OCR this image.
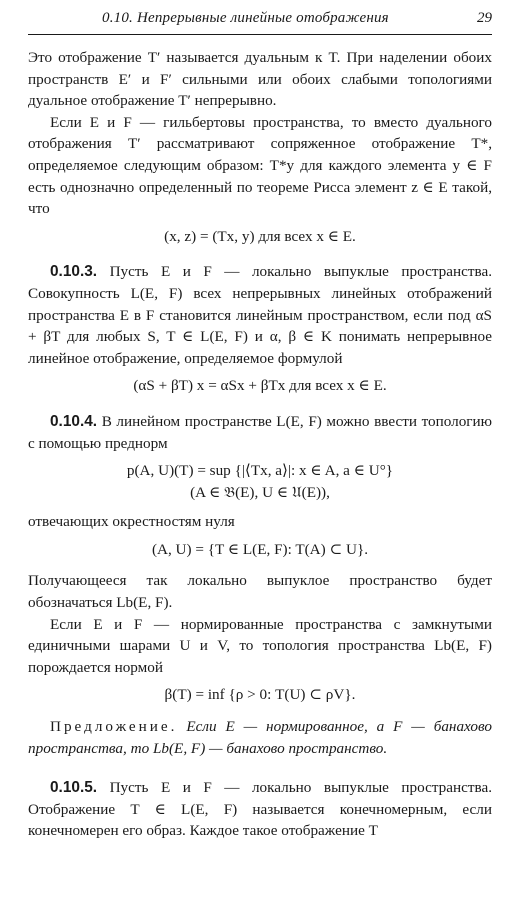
0.10. Непрерывные линейные отображения	29

Это отображение T′ называется дуальным к T. При наделении обоих пространств E′ и F′ сильными или обоих слабыми топологиями дуальное отображение T′ непрерывно.

Если E и F — гильбертовы пространства, то вместо дуального отображения T′ рассматривают сопряженное отображение T*, определяемое следующим образом: T*y для каждого элемента y ∈ F есть однозначно определенный по теореме Рисса элемент z ∈ E такой, что

(x, z) = (Tx, y) для всех x ∈ E.

0.10.3. Пусть E и F — локально выпуклые пространства. Совокупность L(E, F) всех непрерывных линейных отображений пространства E в F становится линейным пространством, если под αS + βT для любых S, T ∈ L(E, F) и α, β ∈ K понимать непрерывное линейное отображение, определяемое формулой

(αS + βT) x = αSx + βTx для всех x ∈ E.

0.10.4. В линейном пространстве L(E, F) можно ввести топологию с помощью преднорм

p(A, U)(T) = sup {|⟨Tx, a⟩|: x ∈ A, a ∈ U°}

(A ∈ 𝔅(E), U ∈ 𝔘(E)),

отвечающих окрестностям нуля

(A, U) = {T ∈ L(E, F): T(A) ⊂ U}.

Получающееся так локально выпуклое пространство будет обозначаться Lb(E, F).

Если E и F — нормированные пространства с замкнутыми единичными шарами U и V, то топология пространства Lb(E, F) порождается нормой

β(T) = inf {ρ > 0: T(U) ⊂ ρV}.

Предложение. Если E — нормированное, а F — банахово пространства, то Lb(E, F) — банахово пространство.

0.10.5. Пусть E и F — локально выпуклые пространства. Отображение T ∈ L(E, F) называется конечномерным, если конечномерен его образ. Каждое такое отображение T
